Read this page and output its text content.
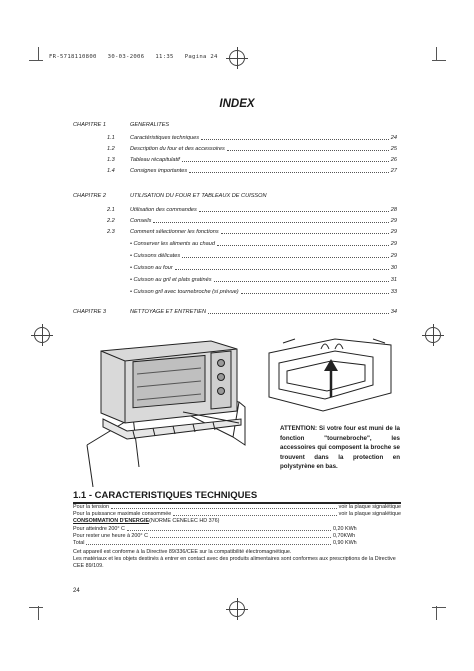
FR-5718110800   30-03-2006   11:35   Pagina 24
INDEX
CHAPITRE 1	GENERALITES
1.1	Caractéristiques techniques	24
1.2	Description du four et des accessoires	25
1.3	Tableau récapitulatif	26
1.4	Consignes importantes	27
CHAPITRE 2	UTILISATION DU FOUR ET TABLEAUX DE CUISSON
2.1	Utilisation des commandes	28
2.2	Conseils	29
2.3	Comment sélectionner les fonctions	29
• Conserver les aliments au chaud	29
• Cuissons délicates	29
• Cuisson au four	30
• Cuisson au gril et plats gratinés	31
• Cuisson gril avec tournebroche (si prévue)	33
CHAPITRE 3	NETTOYAGE ET ENTRETIEN	34
ATTENTION: Si votre four est muni de la fonction "tournebroche", les accessoires qui composent la broche se trouvent dans la protection en polystyrène en bas.
1.1 - CARACTERISTIQUES TECHNIQUES
Pour la tension	voir la plaque signalétique
Pour la puissance maximale consommée	voir la plaque signalétique
CONSOMMATION D'ENERGIE (NORME CENELEC HD 376)
Pour atteindre 200° C	0,20 KWh
Pour rester une heure à 200° C	0,70KWh
Total	0,90 KWh
Cet appareil est conforme à la Directive 89/336/CEE sur la compatibilité électromagnétique.
Les matériaux et les objets destinés à entrer en contact avec des produits alimentaires sont conformes aux prescriptions de la Directive CEE 89/109.
24
